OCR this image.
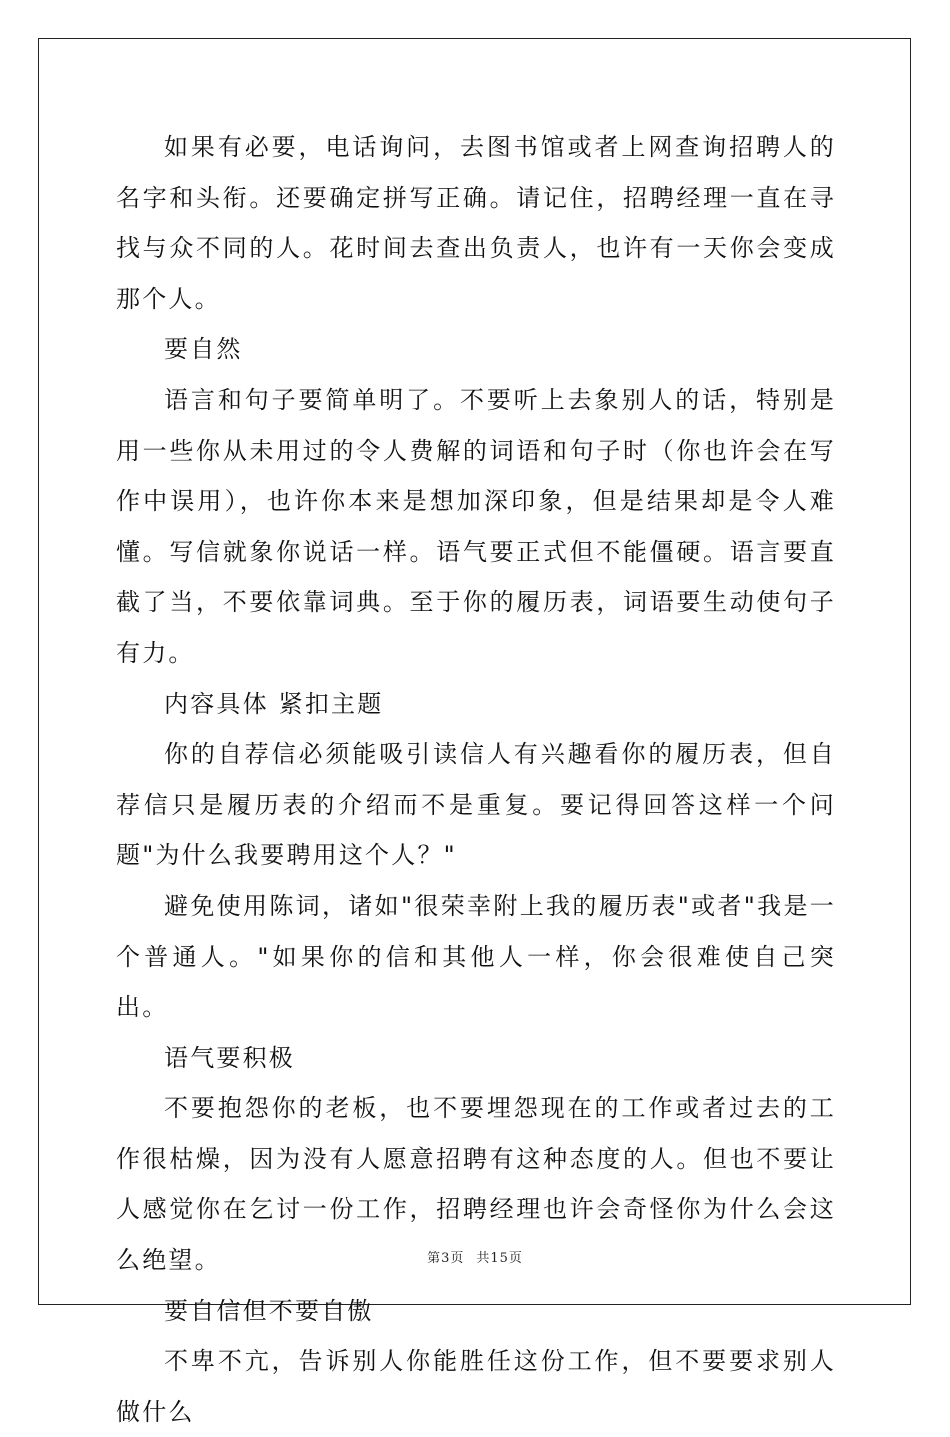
如果有必要，电话询问，去图书馆或者上网查询招聘人的名字和头衔。还要确定拼写正确。请记住，招聘经理一直在寻找与众不同的人。花时间去查出负责人，也许有一天你会变成那个人。

要自然

语言和句子要简单明了。不要听上去象别人的话，特别是用一些你从未用过的令人费解的词语和句子时（你也许会在写作中误用），也许你本来是想加深印象，但是结果却是令人难懂。写信就象你说话一样。语气要正式但不能僵硬。语言要直截了当，不要依靠词典。至于你的履历表，词语要生动使句子有力。

内容具体 紧扣主题

你的自荐信必须能吸引读信人有兴趣看你的履历表，但自荐信只是履历表的介绍而不是重复。要记得回答这样一个问题"为什么我要聘用这个人？"

避免使用陈词，诸如"很荣幸附上我的履历表"或者"我是一个普通人。"如果你的信和其他人一样，你会很难使自己突出。

语气要积极

不要抱怨你的老板，也不要埋怨现在的工作或者过去的工作很枯燥，因为没有人愿意招聘有这种态度的人。但也不要让人感觉你在乞讨一份工作，招聘经理也许会奇怪你为什么会这么绝望。

要自信但不要自傲

不卑不亢，告诉别人你能胜任这份工作，但不要要求别人做什么

第3页 共15页
